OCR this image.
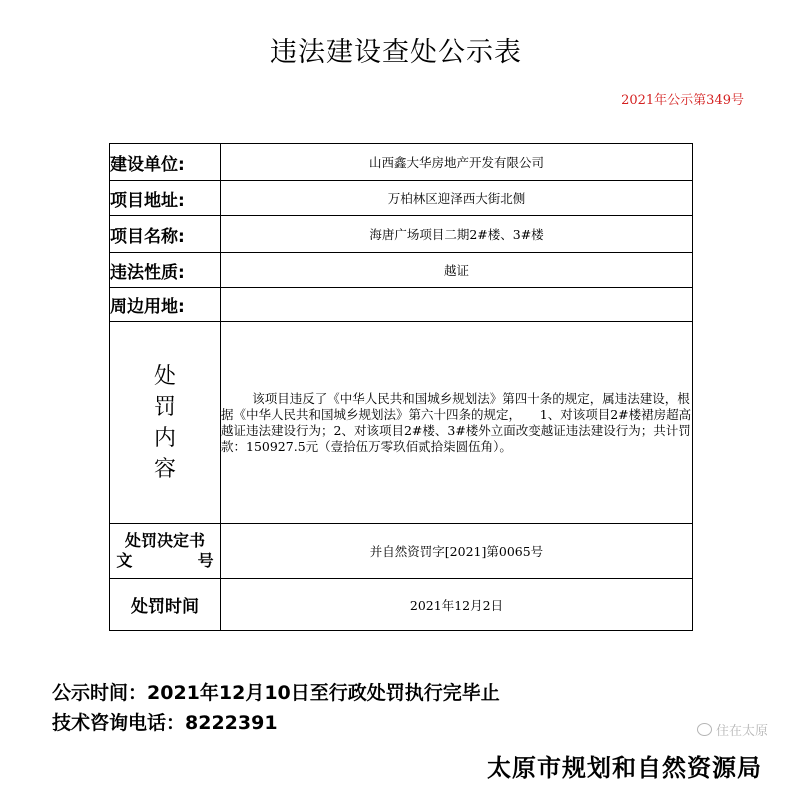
违法建设查处公示表
2021年公示第349号
建设单位:	山西鑫大华房地产开发有限公司
项目地址:	万柏林区迎泽西大街北侧
项目名称:	海唐广场项目二期2#楼、3#楼
违法性质:	越证
周边用地:	

处
罚
内
容	该项目违反了《中华人民共和国城乡规划法》第四十条的规定，属违法建设，根据《中华人民共和国城乡规划法》第六十四条的规定，　　1、对该项目2#楼裙房超高越证违法建设行为；2、对该项目2#楼、3#楼外立面改变越证违法建设行为；共计罚款：150927.5元（壹拾伍万零玖佰贰拾柒圆伍角）。

处罚决定书
文 号	并自然资罚字[2021]第0065号
处罚时间	2021年12月2日
公示时间：2021年12月10日至行政处罚执行完毕止
技术咨询电话：8222391	住在太原
太原市规划和自然资源局
